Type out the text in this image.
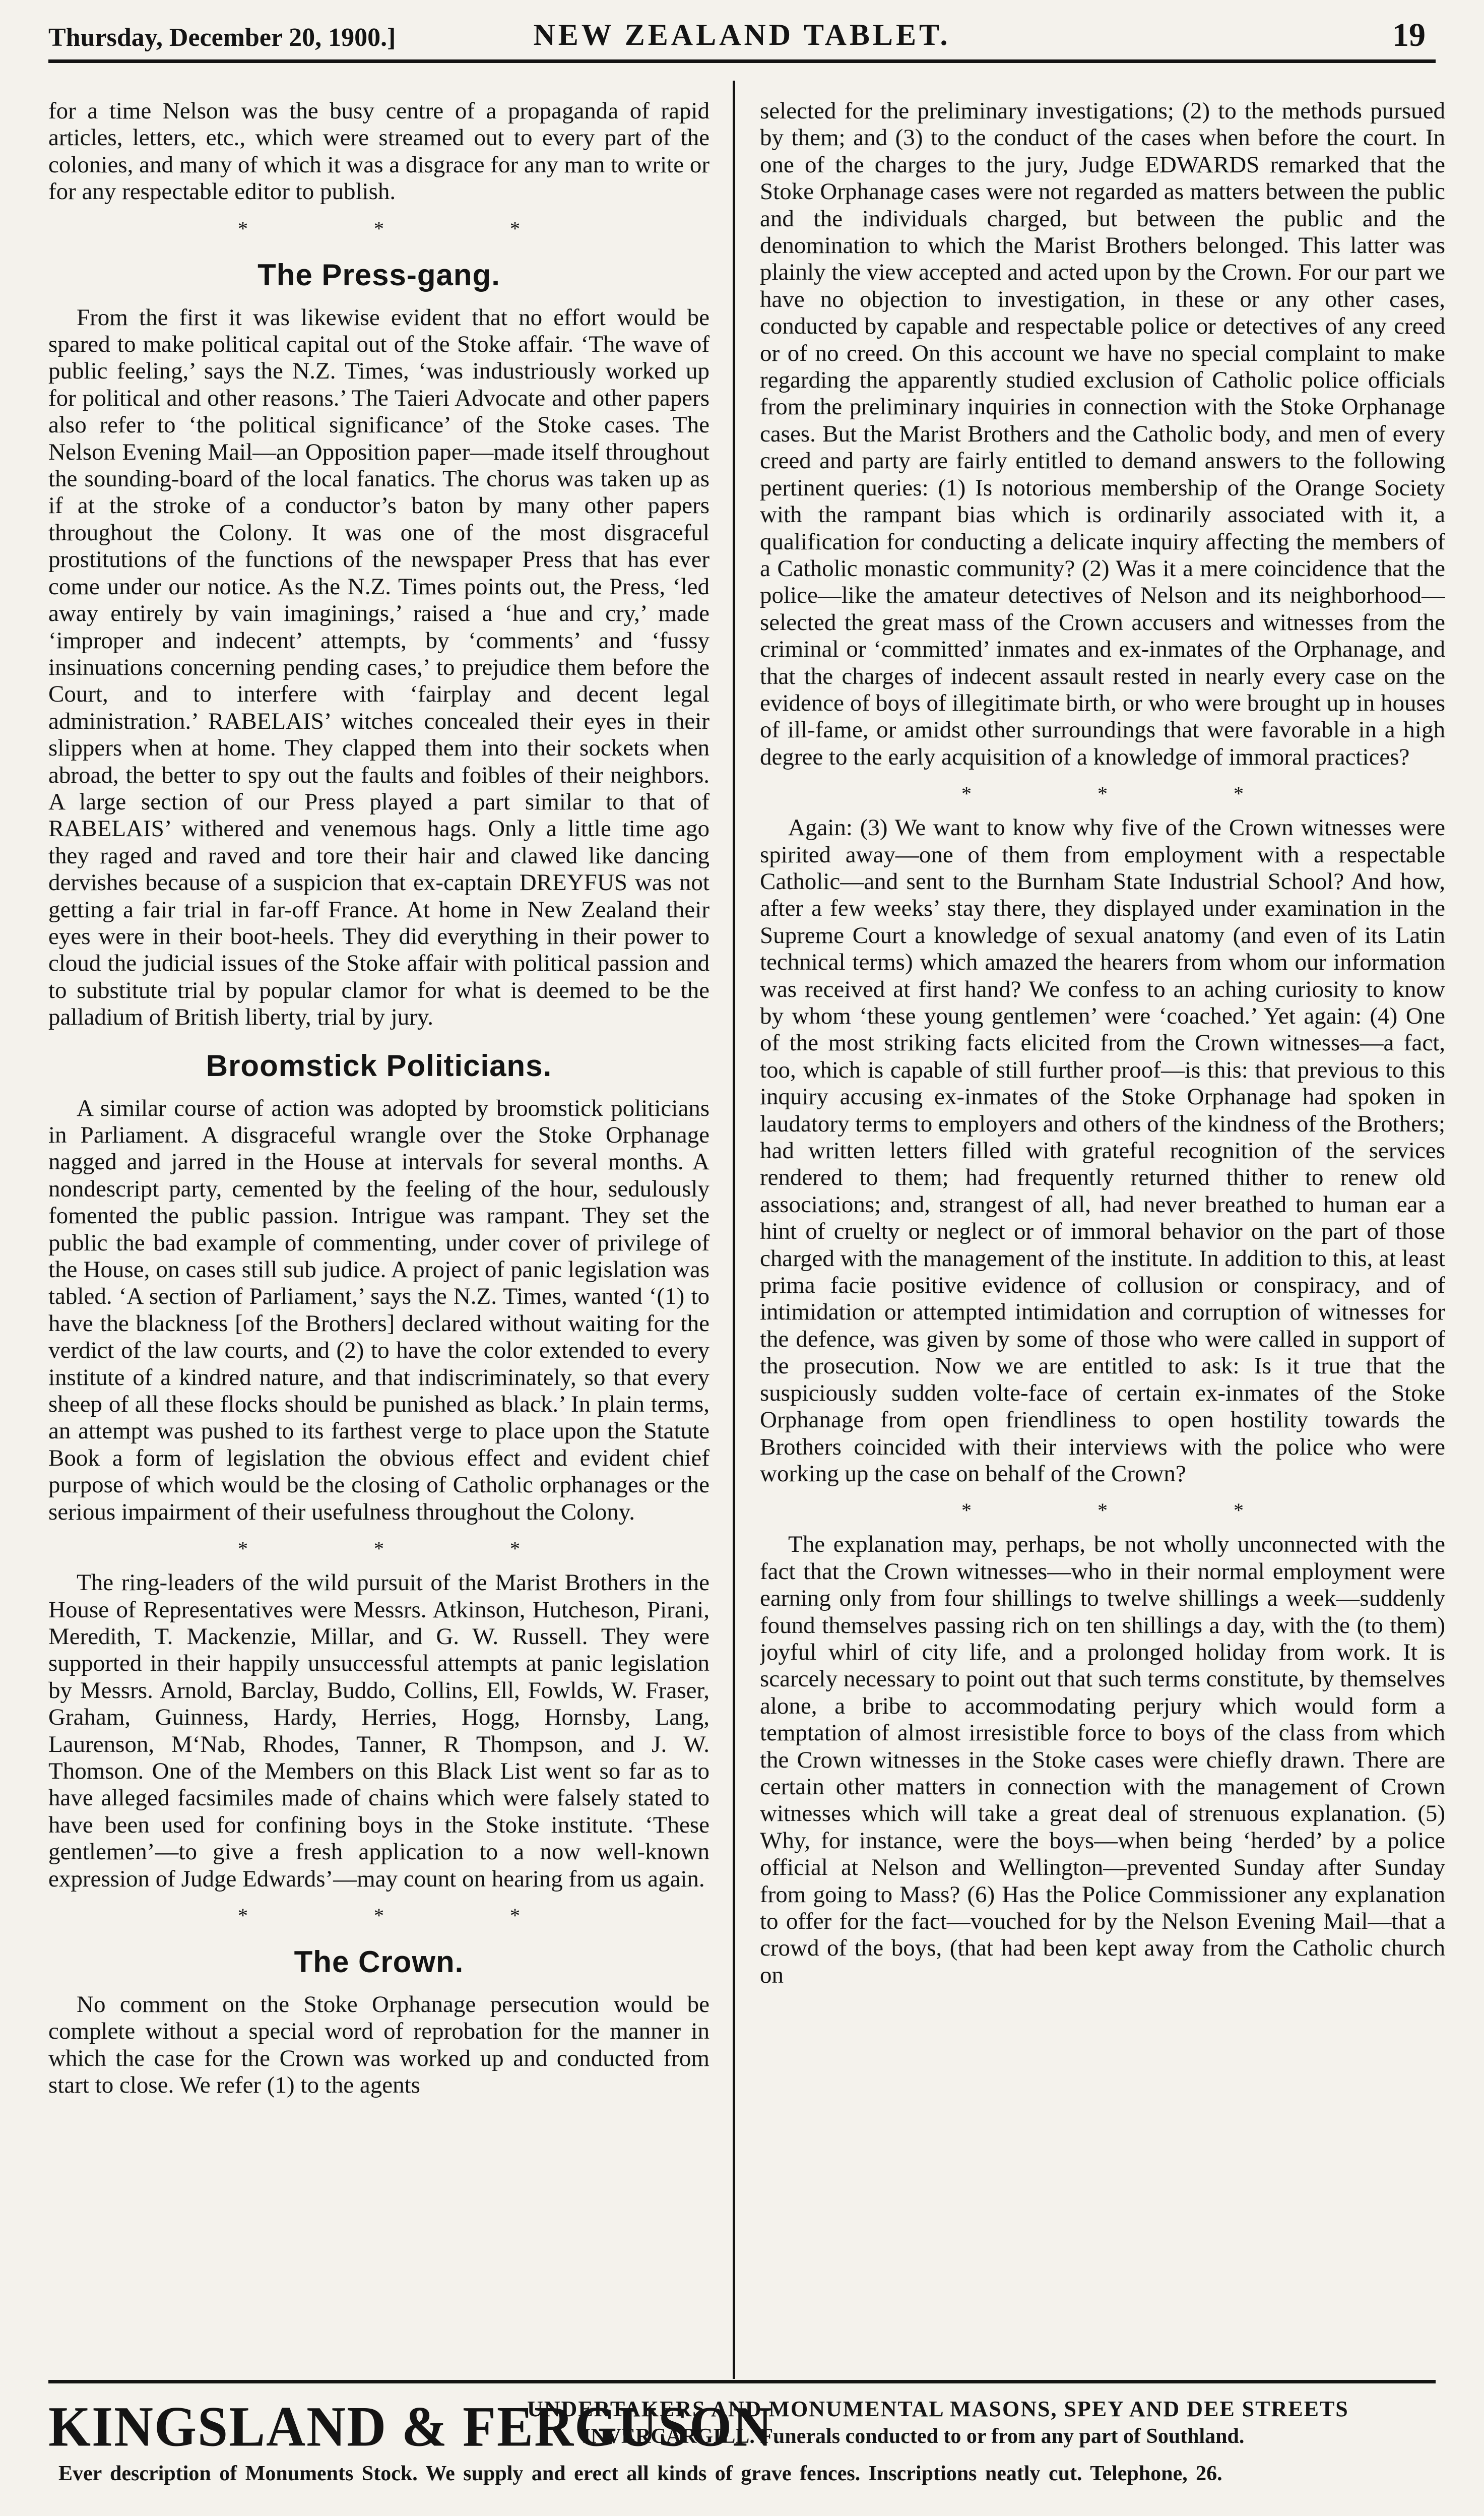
Thursday, December 20, 1900.]	NEW ZEALAND TABLET.	19

for a time Nelson was the busy centre of a propaganda of rapid articles, letters, etc., which were streamed out to every part of the colonies, and many of which it was a disgrace for any man to write or for any respectable editor to publish.

* * *
The Press-gang.

From the first it was likewise evident that no effort would be spared to make political capital out of the Stoke affair. ‘The wave of public feeling,’ says the N.Z. Times, ‘was industriously worked up for political and other reasons.’ The Taieri Advocate and other papers also refer to ‘the political significance’ of the Stoke cases. The Nelson Evening Mail—an Opposition paper—made itself throughout the sounding-board of the local fanatics. The chorus was taken up as if at the stroke of a conductor’s baton by many other papers throughout the Colony. It was one of the most disgraceful prostitutions of the functions of the newspaper Press that has ever come under our notice. As the N.Z. Times points out, the Press, ‘led away entirely by vain imaginings,’ raised a ‘hue and cry,’ made ‘improper and indecent’ attempts, by ‘comments’ and ‘fussy insinuations concerning pending cases,’ to prejudice them before the Court, and to interfere with ‘fairplay and decent legal administration.’ RABELAIS’ witches concealed their eyes in their slippers when at home. They clapped them into their sockets when abroad, the better to spy out the faults and foibles of their neighbors. A large section of our Press played a part similar to that of RABELAIS’ withered and venemous hags. Only a little time ago they raged and raved and tore their hair and clawed like dancing dervishes because of a suspicion that ex-captain DREYFUS was not getting a fair trial in far-off France. At home in New Zealand their eyes were in their boot-heels. They did everything in their power to cloud the judicial issues of the Stoke affair with political passion and to substitute trial by popular clamor for what is deemed to be the palladium of British liberty, trial by jury.

Broomstick Politicians.

A similar course of action was adopted by broomstick politicians in Parliament. A disgraceful wrangle over the Stoke Orphanage nagged and jarred in the House at intervals for several months. A nondescript party, cemented by the feeling of the hour, sedulously fomented the public passion. Intrigue was rampant. They set the public the bad example of commenting, under cover of privilege of the House, on cases still sub judice. A project of panic legislation was tabled. ‘A section of Parliament,’ says the N.Z. Times, wanted ‘(1) to have the blackness [of the Brothers] declared without waiting for the verdict of the law courts, and (2) to have the color extended to every institute of a kindred nature, and that indiscriminately, so that every sheep of all these flocks should be punished as black.’ In plain terms, an attempt was pushed to its farthest verge to place upon the Statute Book a form of legislation the obvious effect and evident chief purpose of which would be the closing of Catholic orphanages or the serious impairment of their usefulness throughout the Colony.

* * *

The ring-leaders of the wild pursuit of the Marist Brothers in the House of Representatives were Messrs. Atkinson, Hutcheson, Pirani, Meredith, T. Mackenzie, Millar, and G. W. Russell. They were supported in their happily unsuccessful attempts at panic legislation by Messrs. Arnold, Barclay, Buddo, Collins, Ell, Fowlds, W. Fraser, Graham, Guinness, Hardy, Herries, Hogg, Hornsby, Lang, Laurenson, M‘Nab, Rhodes, Tanner, R Thompson, and J. W. Thomson. One of the Members on this Black List went so far as to have alleged facsimiles made of chains which were falsely stated to have been used for confining boys in the Stoke institute. ‘These gentlemen’—to give a fresh application to a now well-known expression of Judge Edwards’—may count on hearing from us again.

* * *
The Crown.

No comment on the Stoke Orphanage persecution would be complete without a special word of reprobation for the manner in which the case for the Crown was worked up and conducted from start to close. We refer (1) to the agents

selected for the preliminary investigations; (2) to the methods pursued by them; and (3) to the conduct of the cases when before the court. In one of the charges to the jury, Judge EDWARDS remarked that the Stoke Orphanage cases were not regarded as matters between the public and the individuals charged, but between the public and the denomination to which the Marist Brothers belonged. This latter was plainly the view accepted and acted upon by the Crown. For our part we have no objection to investigation, in these or any other cases, conducted by capable and respectable police or detectives of any creed or of no creed. On this account we have no special complaint to make regarding the apparently studied exclusion of Catholic police officials from the preliminary inquiries in connection with the Stoke Orphanage cases. But the Marist Brothers and the Catholic body, and men of every creed and party are fairly entitled to demand answers to the following pertinent queries: (1) Is notorious membership of the Orange Society with the rampant bias which is ordinarily associated with it, a qualification for conducting a delicate inquiry affecting the members of a Catholic monastic community? (2) Was it a mere coincidence that the police—like the amateur detectives of Nelson and its neighborhood—selected the great mass of the Crown accusers and witnesses from the criminal or ‘committed’ inmates and ex-inmates of the Orphanage, and that the charges of indecent assault rested in nearly every case on the evidence of boys of illegitimate birth, or who were brought up in houses of ill-fame, or amidst other surroundings that were favorable in a high degree to the early acquisition of a knowledge of immoral practices?

* * *

Again: (3) We want to know why five of the Crown witnesses were spirited away—one of them from employment with a respectable Catholic—and sent to the Burnham State Industrial School? And how, after a few weeks’ stay there, they displayed under examination in the Supreme Court a knowledge of sexual anatomy (and even of its Latin technical terms) which amazed the hearers from whom our information was received at first hand? We confess to an aching curiosity to know by whom ‘these young gentlemen’ were ‘coached.’ Yet again: (4) One of the most striking facts elicited from the Crown witnesses—a fact, too, which is capable of still further proof—is this: that previous to this inquiry accusing ex-inmates of the Stoke Orphanage had spoken in laudatory terms to employers and others of the kindness of the Brothers; had written letters filled with grateful recognition of the services rendered to them; had frequently returned thither to renew old associations; and, strangest of all, had never breathed to human ear a hint of cruelty or neglect or of immoral behavior on the part of those charged with the management of the institute. In addition to this, at least prima facie positive evidence of collusion or conspiracy, and of intimidation or attempted intimidation and corruption of witnesses for the defence, was given by some of those who were called in support of the prosecution. Now we are entitled to ask: Is it true that the suspiciously sudden volte-face of certain ex-inmates of the Stoke Orphanage from open friendliness to open hostility towards the Brothers coincided with their interviews with the police who were working up the case on behalf of the Crown?

* * *

The explanation may, perhaps, be not wholly unconnected with the fact that the Crown witnesses—who in their normal employment were earning only from four shillings to twelve shillings a week—suddenly found themselves passing rich on ten shillings a day, with the (to them) joyful whirl of city life, and a prolonged holiday from work. It is scarcely necessary to point out that such terms constitute, by themselves alone, a bribe to accommodating perjury which would form a temptation of almost irresistible force to boys of the class from which the Crown witnesses in the Stoke cases were chiefly drawn. There are certain other matters in connection with the management of Crown witnesses which will take a great deal of strenuous explanation. (5) Why, for instance, were the boys—when being ‘herded’ by a police official at Nelson and Wellington—prevented Sunday after Sunday from going to Mass? (6) Has the Police Commissioner any explanation to offer for the fact—vouched for by the Nelson Evening Mail—that a crowd of the boys, (that had been kept away from the Catholic church on

KINGSLAND & FERGUSON
UNDERTAKERS AND MONUMENTAL MASONS, SPEY AND DEE STREETS
INVERCARGILL. Funerals conducted to or from any part of Southland.
Ever description of Monuments Stock. We supply and erect all kinds of grave fences. Inscriptions neatly cut. Telephone, 26.
